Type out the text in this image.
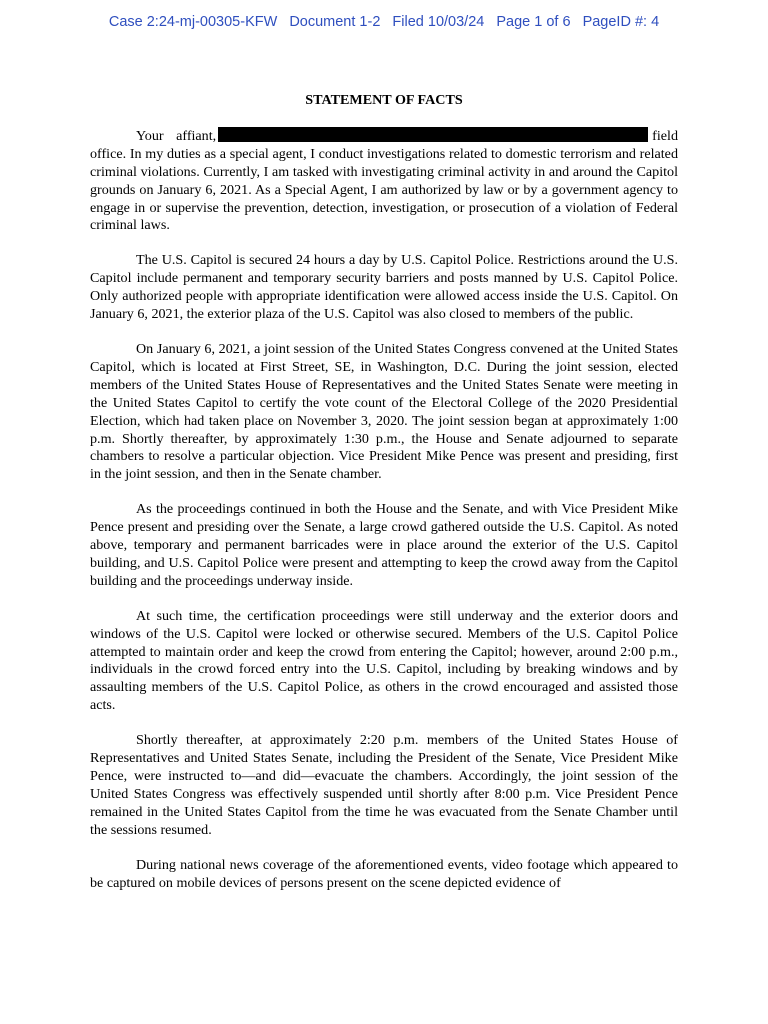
Case 2:24-mj-00305-KFW Document 1-2 Filed 10/03/24 Page 1 of 6 PageID #: 4
STATEMENT OF FACTS

Your affiant,	field office. In my duties as a special agent, I conduct investigations related to domestic terrorism and related criminal violations. Currently, I am tasked with investigating criminal activity in and around the Capitol grounds on January 6, 2021. As a Special Agent, I am authorized by law or by a government agency to engage in or supervise the prevention, detection, investigation, or prosecution of a violation of Federal criminal laws.

The U.S. Capitol is secured 24 hours a day by U.S. Capitol Police. Restrictions around the U.S. Capitol include permanent and temporary security barriers and posts manned by U.S. Capitol Police. Only authorized people with appropriate identification were allowed access inside the U.S. Capitol. On January 6, 2021, the exterior plaza of the U.S. Capitol was also closed to members of the public.

On January 6, 2021, a joint session of the United States Congress convened at the United States Capitol, which is located at First Street, SE, in Washington, D.C. During the joint session, elected members of the United States House of Representatives and the United States Senate were meeting in the United States Capitol to certify the vote count of the Electoral College of the 2020 Presidential Election, which had taken place on November 3, 2020. The joint session began at approximately 1:00 p.m. Shortly thereafter, by approximately 1:30 p.m., the House and Senate adjourned to separate chambers to resolve a particular objection. Vice President Mike Pence was present and presiding, first in the joint session, and then in the Senate chamber.

As the proceedings continued in both the House and the Senate, and with Vice President Mike Pence present and presiding over the Senate, a large crowd gathered outside the U.S. Capitol. As noted above, temporary and permanent barricades were in place around the exterior of the U.S. Capitol building, and U.S. Capitol Police were present and attempting to keep the crowd away from the Capitol building and the proceedings underway inside.

At such time, the certification proceedings were still underway and the exterior doors and windows of the U.S. Capitol were locked or otherwise secured. Members of the U.S. Capitol Police attempted to maintain order and keep the crowd from entering the Capitol; however, around 2:00 p.m., individuals in the crowd forced entry into the U.S. Capitol, including by breaking windows and by assaulting members of the U.S. Capitol Police, as others in the crowd encouraged and assisted those acts.

Shortly thereafter, at approximately 2:20 p.m. members of the United States House of Representatives and United States Senate, including the President of the Senate, Vice President Mike Pence, were instructed to—and did—evacuate the chambers. Accordingly, the joint session of the United States Congress was effectively suspended until shortly after 8:00 p.m. Vice President Pence remained in the United States Capitol from the time he was evacuated from the Senate Chamber until the sessions resumed.

During national news coverage of the aforementioned events, video footage which appeared to be captured on mobile devices of persons present on the scene depicted evidence of
